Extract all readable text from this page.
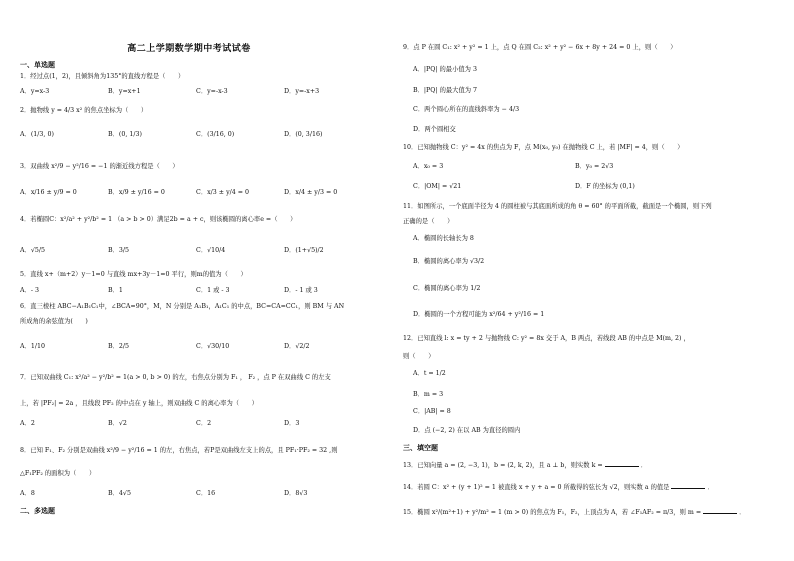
高二上学期数学期中考试试卷
一、单选题
1．经过点(1，2)，且倾斜角为135°的直线方程是（　　）
A．y=x-3	B．y=x+1	C．y=-x-3	D．y=-x+3
2．抛物线 y = 4/3 x² 的焦点坐标为（　　）
A．(1/3, 0)	B．(0, 1/3)	C．(3/16, 0)	D．(0, 3/16)
3．双曲线 x²/9 − y²/16 = −1 的渐近线方程是（　　）
A．x/16 ± y/9 = 0	B．x/9 ± y/16 = 0	C．x/3 ± y/4 = 0	D．x/4 ± y/3 = 0
4．若椭圆C：x²/a² + y²/b² = 1 （a > b > 0）满足2b = a + c，则该椭圆的离心率e =（　　）
A．√5/5	B．3/5	C．√10/4	D．(1+√5)/2
5．直线 x+（m+2）y－1=0 与直线 mx+3y－1=0 平行，则m的值为（　　）
A．- 3	B．1	C．1 或 - 3	D．- 1 或 3
6．直三棱柱 ABC−A₁B₁C₁中，∠BCA=90°，M，N 分别是 A₁B₁，A₁C₁ 的中点，BC=CA=CC₁，则 BM 与 AN
所成角的余弦值为(　　)
A．1/10	B．2/5	C．√30/10	D．√2/2
7．已知双曲线 C₁: x²/a² − y²/b² = 1(a > 0, b > 0) 的左，右焦点分别为 F₁ ， F₂ ，点 P 在双曲线 C 的左支
上，若 |PF₂| = 2a ，且线段 PF₂ 的中点在 y 轴上，则双曲线 C 的离心率为（　　）
A．2	B．√2	C．2	D．3
8．已知 F₁、F₂ 分别是双曲线 x²/9 − y²/16 = 1 的左，右焦点，若P是双曲线左支上的点，且 PF₁·PF₂ = 32 ,则
△F₁PF₂ 的面积为（　　）
A．8	B．4√5	C．16	D．8√3
二、多选题
9．点 P 在圆 C₁: x² + y² = 1 上，点 Q 在圆 C₂: x² + y² − 6x + 8y + 24 = 0 上，则（　　）
A．|PQ| 的最小值为 3
B．|PQ| 的最大值为 7
C．两个圆心所在的直线斜率为 − 4/3
D．两个圆相交
10．已知抛物线 C：y² = 4x 的焦点为 F，点 M(x₀, y₀) 在抛物线 C 上，若 |MF| = 4，则（　　）
A．x₀ = 3	B．y₀ = 2√3
C．|OM| = √21	D．F 的坐标为 (0,1)
11．如图所示，一个底面半径为 4 的圆柱被与其底面所成的角 θ = 60° 的平面所截，截面是一个椭圆，则下列
正确的是（　　）
A．椭圆的长轴长为 8
B．椭圆的离心率为 √3/2
C．椭圆的离心率为 1/2
D．椭圆的一个方程可能为 x²/64 + y²/16 = 1
12．已知直线 l: x = ty + 2 与抛物线 C: y² = 8x 交于 A，B 两点，若线段 AB 的中点是 M(m, 2) ，
则（　　）
A．t = 1/2
B．m = 3
C．|AB| = 8
D．点 (−2, 2) 在以 AB 为直径的圆内
三、填空题
13．已知向量 a = (2, −3, 1)，b = (2, k, 2)，且 a ⊥ b，则实数 k =	．
14．若圆 C：x² + (y + 1)² = 1 被直线 x + y + a = 0 所截得的弦长为 √2，则实数 a 的值是	．
15．椭圆 x²/(m²+1) + y²/m² = 1 (m > 0) 的焦点为 F₁，F₂，上顶点为 A，若 ∠F₁AF₂ = π/3，则 m =	．
